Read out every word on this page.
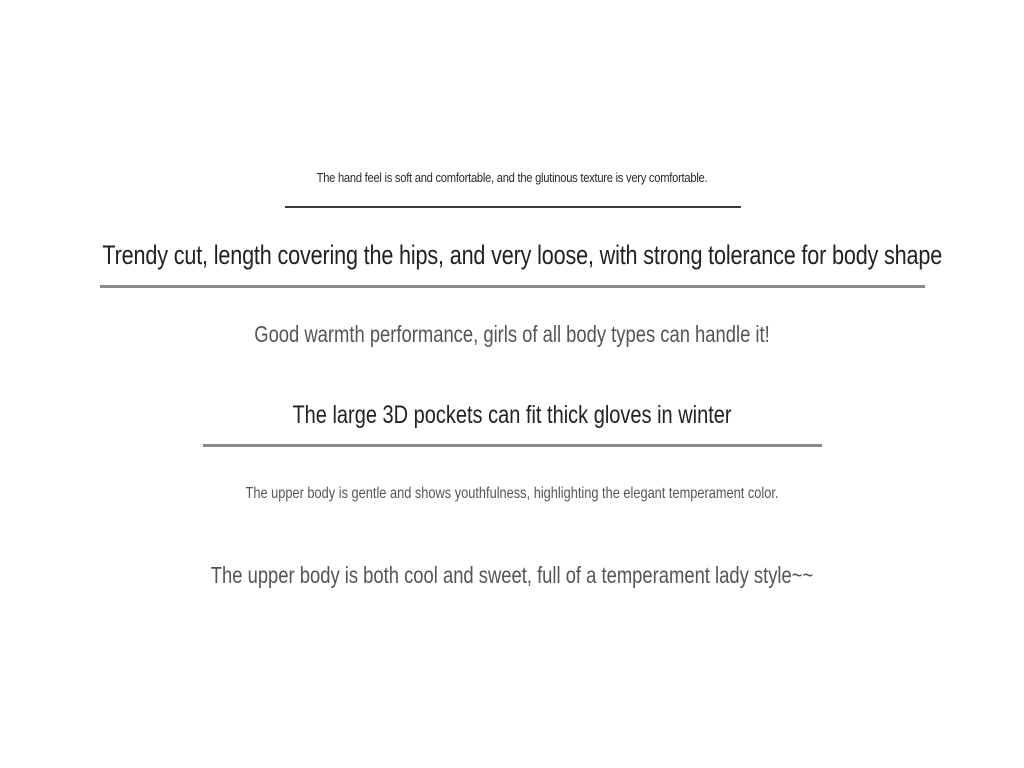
The hand feel is soft and comfortable, and the glutinous texture is very comfortable.
Trendy cut, length covering the hips, and very loose, with strong tolerance for body shape
Good warmth performance, girls of all body types can handle it!
The large 3D pockets can fit thick gloves in winter
The upper body is gentle and shows youthfulness, highlighting the elegant temperament color.
The upper body is both cool and sweet, full of a temperament lady style~~
